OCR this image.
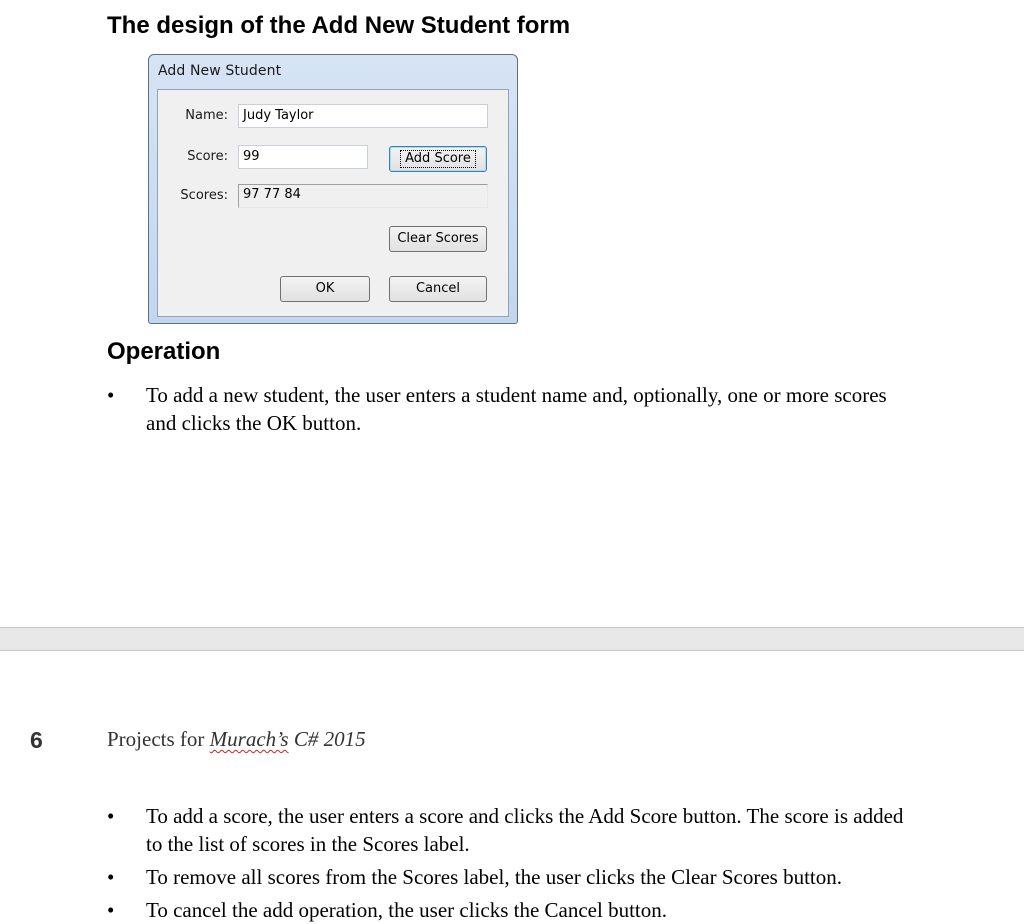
The design of the Add New Student form
Add New Student
Name:	Judy Taylor
Score:	99	Add Score
Scores:	97 77 84
Clear Scores
OK	Cancel
Operation
•	To add a new student, the user enters a student name and, optionally, one or more scores and clicks the OK button.
6	Projects for Murach’s C# 2015
•	To add a score, the user enters a score and clicks the Add Score button. The score is added to the list of scores in the Scores label.
•	To remove all scores from the Scores label, the user clicks the Clear Scores button.
•	To cancel the add operation, the user clicks the Cancel button.
